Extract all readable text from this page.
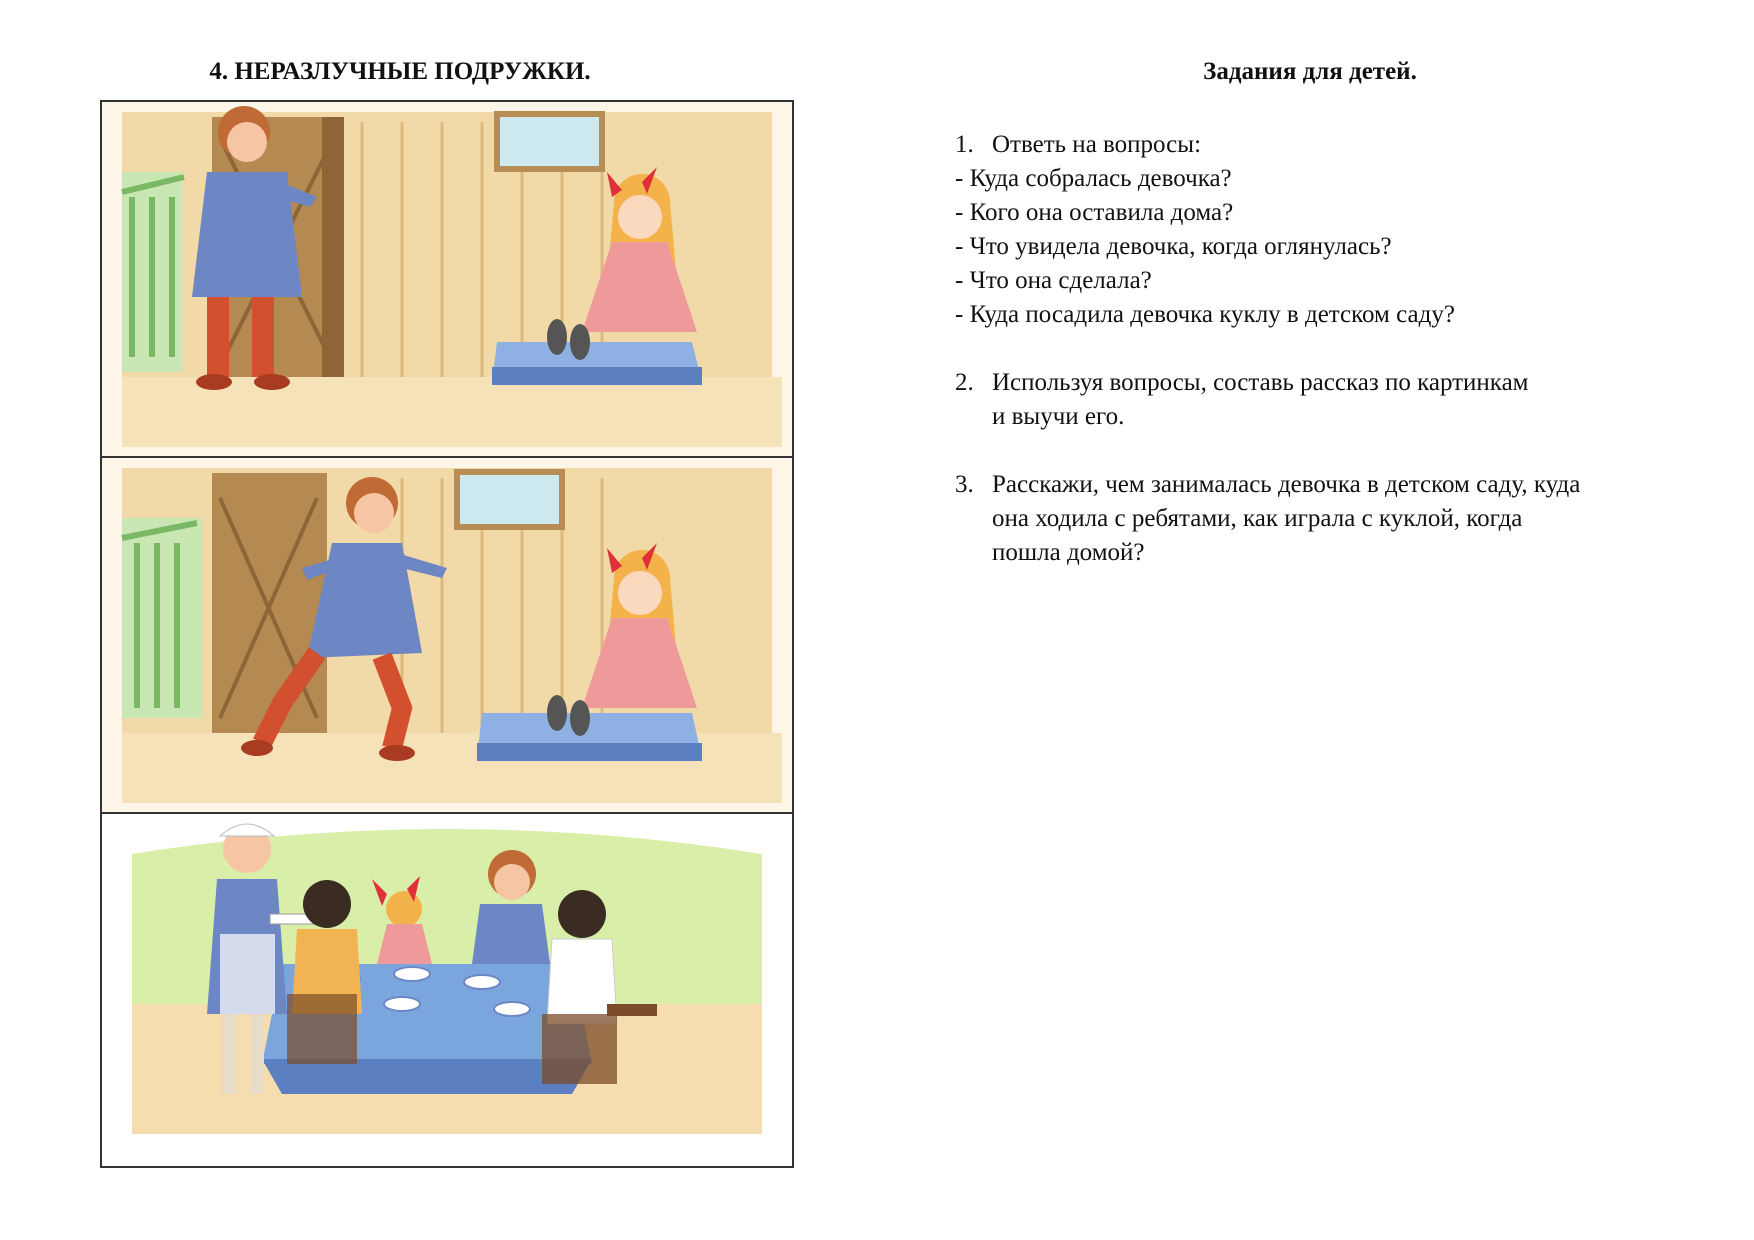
4. НЕРАЗЛУЧНЫЕ ПОДРУЖКИ.	Задания для детей.
1. Ответь на вопросы:
- Куда собралась девочка?
- Кого она оставила дома?
- Что увидела девочка, когда оглянулась?
- Что она сделала?
- Куда посадила девочка куклу в детском саду?
2. Используя вопросы, составь рассказ по картинкам
и выучи его.
3. Расскажи, чем занималась девочка в детском саду, куда
она ходила с ребятами, как играла с куклой, когда
пошла домой?
